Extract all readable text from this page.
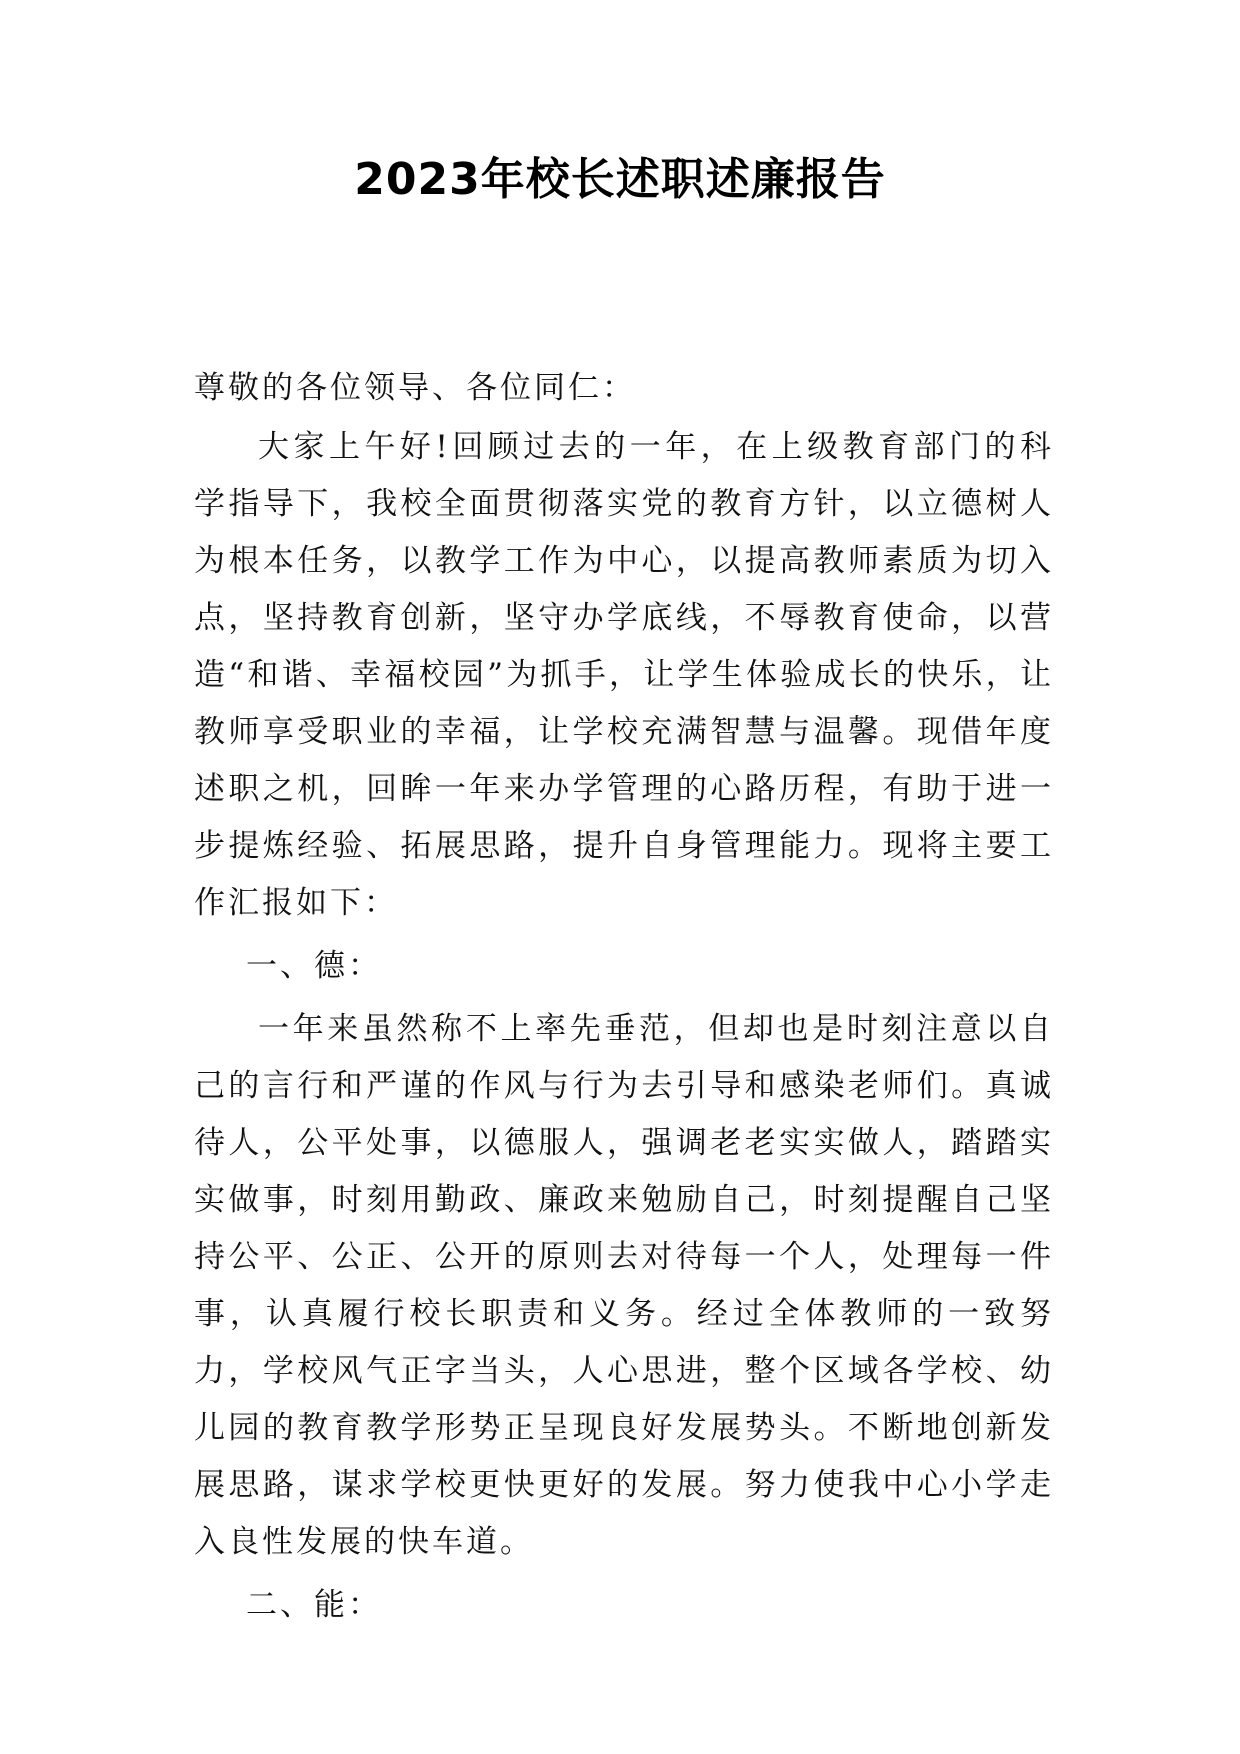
2023年校长述职述廉报告

尊敬的各位领导、各位同仁：

大家上午好!回顾过去的一年，在上级教育部门的科学指导下，我校全面贯彻落实党的教育方针，以立德树人为根本任务，以教学工作为中心，以提高教师素质为切入点，坚持教育创新，坚守办学底线，不辱教育使命，以营造“和谐、幸福校园”为抓手，让学生体验成长的快乐，让教师享受职业的幸福，让学校充满智慧与温馨。现借年度述职之机，回眸一年来办学管理的心路历程，有助于进一步提炼经验、拓展思路，提升自身管理能力。现将主要工作汇报如下：

一、德：

一年来虽然称不上率先垂范，但却也是时刻注意以自己的言行和严谨的作风与行为去引导和感染老师们。真诚待人，公平处事，以德服人，强调老老实实做人，踏踏实实做事，时刻用勤政、廉政来勉励自己，时刻提醒自己坚持公平、公正、公开的原则去对待每一个人，处理每一件事，认真履行校长职责和义务。经过全体教师的一致努力，学校风气正字当头，人心思进，整个区域各学校、幼儿园的教育教学形势正呈现良好发展势头。不断地创新发展思路，谋求学校更快更好的发展。努力使我中心小学走入良性发展的快车道。

二、能：
